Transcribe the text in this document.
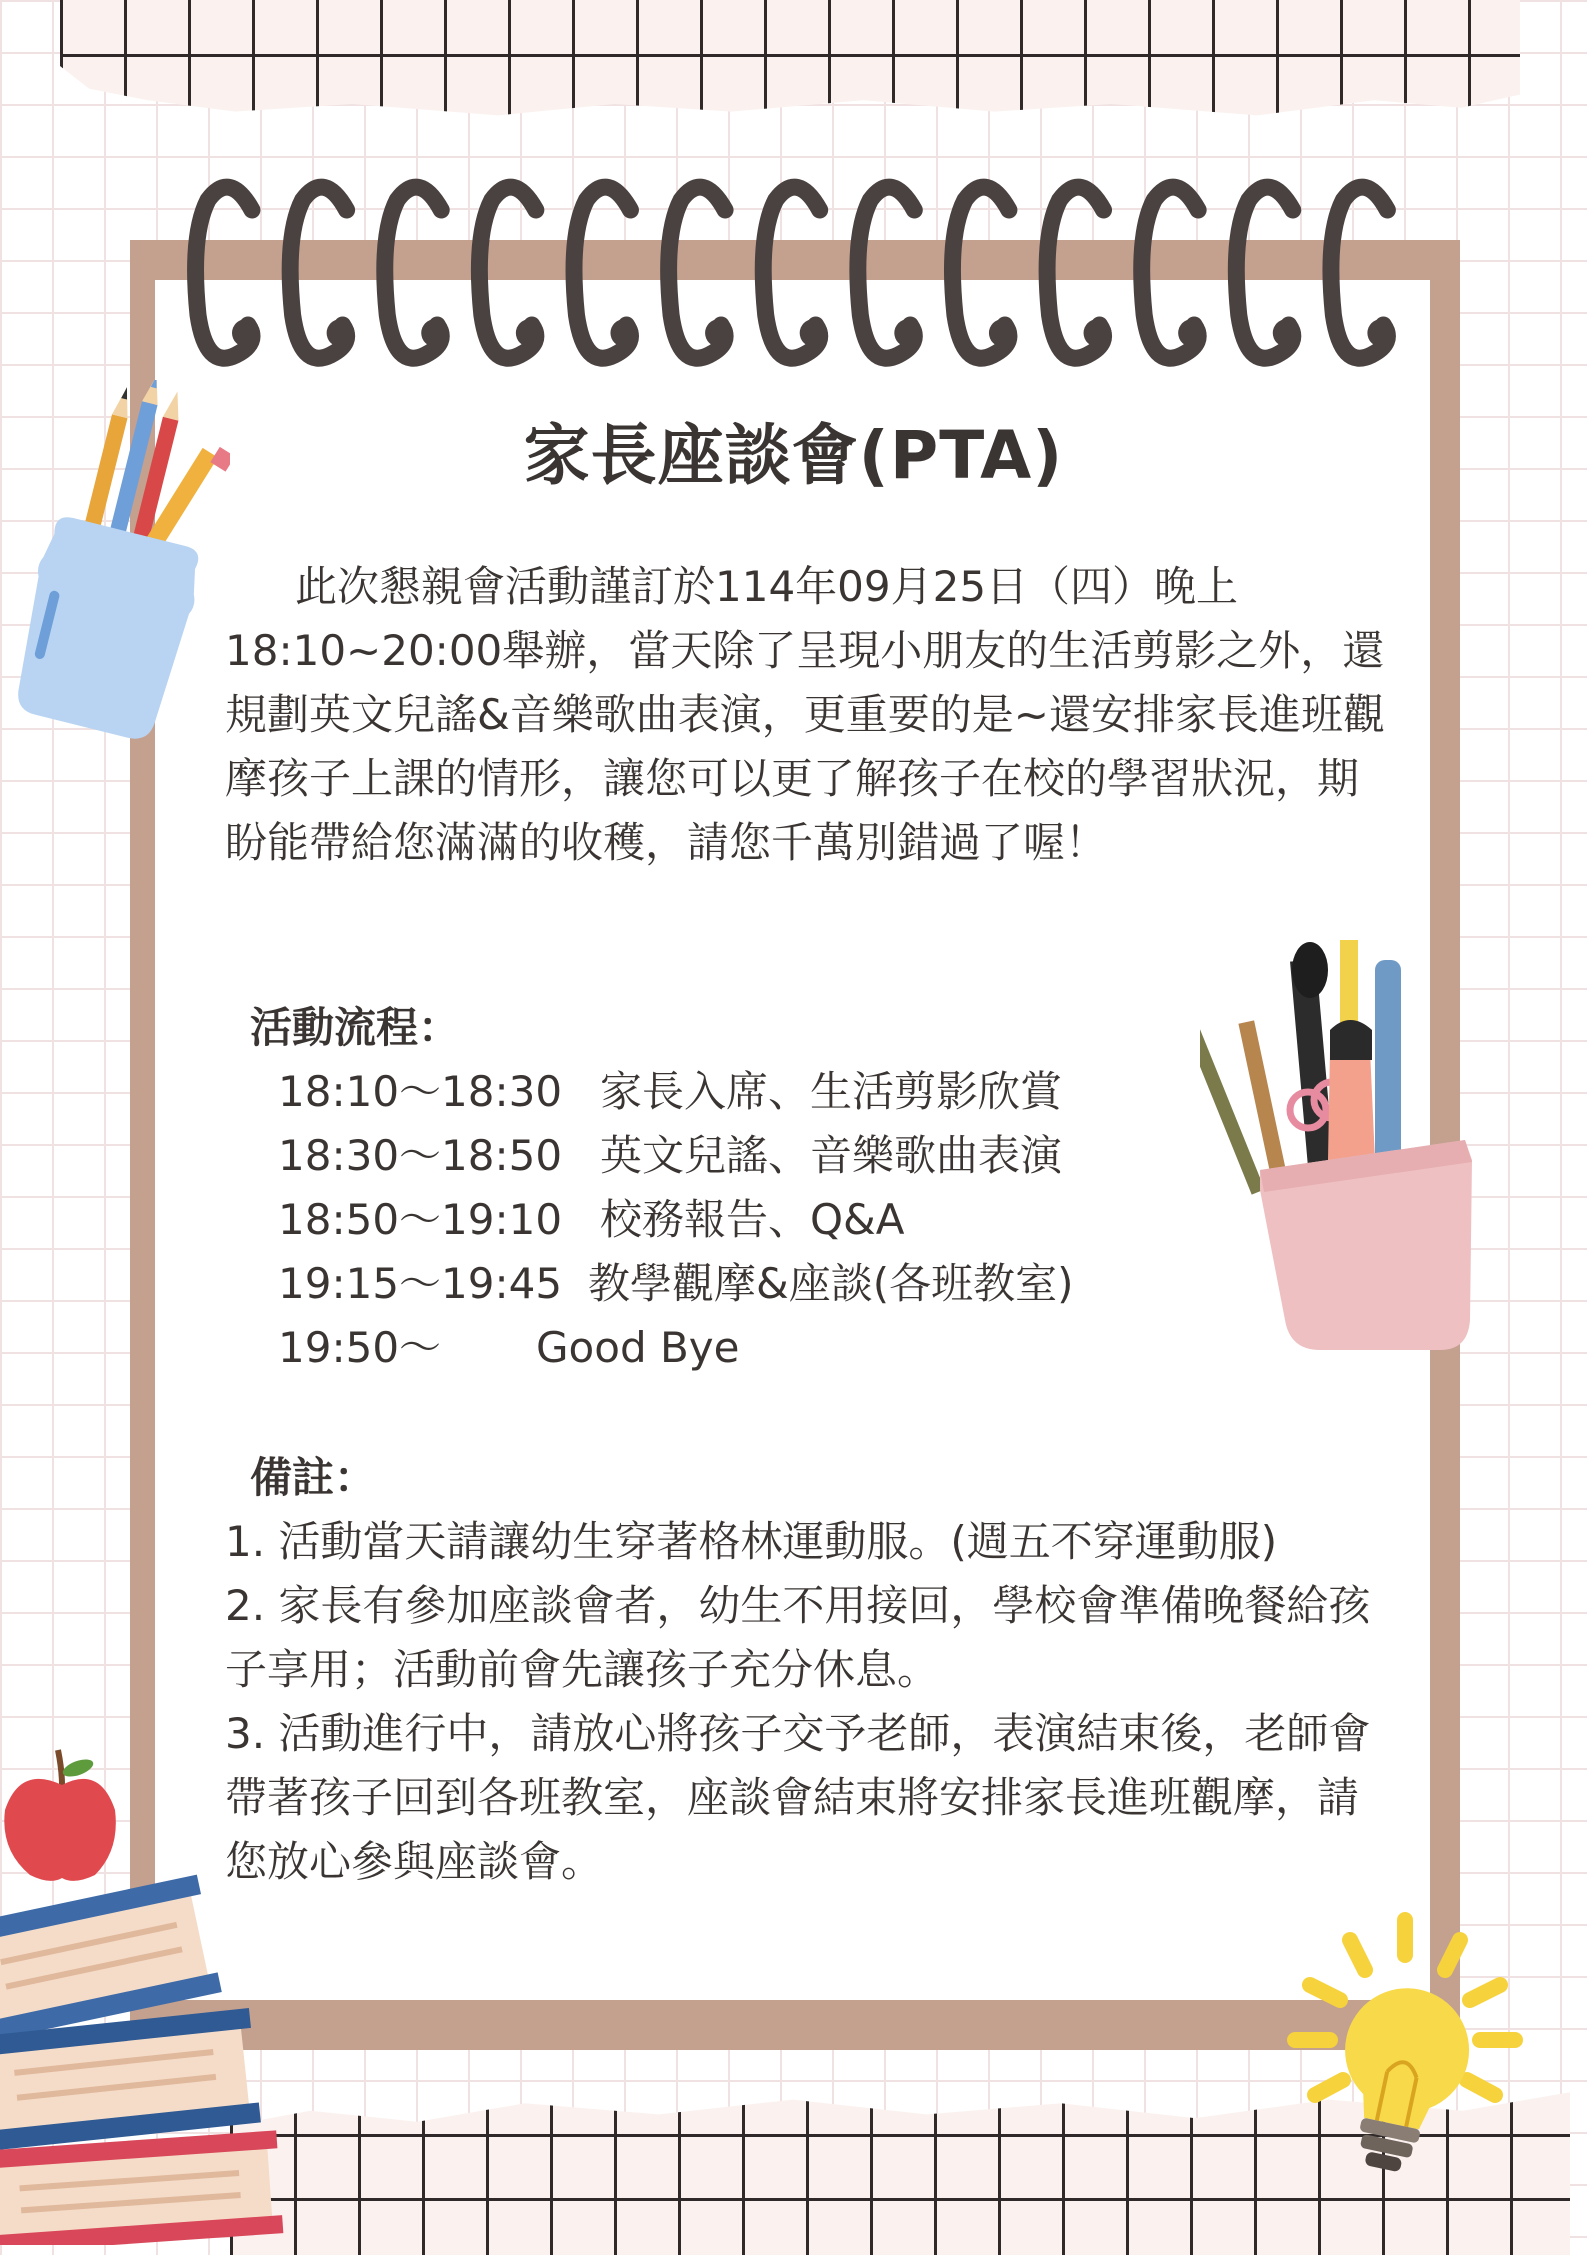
家長座談會(PTA)

此次懇親會活動謹訂於114年09月25日（四）晚上18:10~20:00舉辦，當天除了呈現小朋友的生活剪影之外，還規劃英文兒謠&音樂歌曲表演，更重要的是~還安排家長進班觀摩孩子上課的情形，讓您可以更了解孩子在校的學習狀況，期盼能帶給您滿滿的收穫，請您千萬別錯過了喔！

活動流程：
18:10～18:30 家長入席、生活剪影欣賞
18:30～18:50 英文兒謠、音樂歌曲表演
18:50～19:10 校務報告、Q&A
19:15～19:45 教學觀摩&座談(各班教室)
19:50～ Good Bye
備註：
1. 活動當天請讓幼生穿著格林運動服。(週五不穿運動服)
2. 家長有參加座談會者，幼生不用接回，學校會準備晚餐給孩子享用；活動前會先讓孩子充分休息。
3. 活動進行中，請放心將孩子交予老師，表演結束後，老師會帶著孩子回到各班教室，座談會結束將安排家長進班觀摩，請您放心參與座談會。
